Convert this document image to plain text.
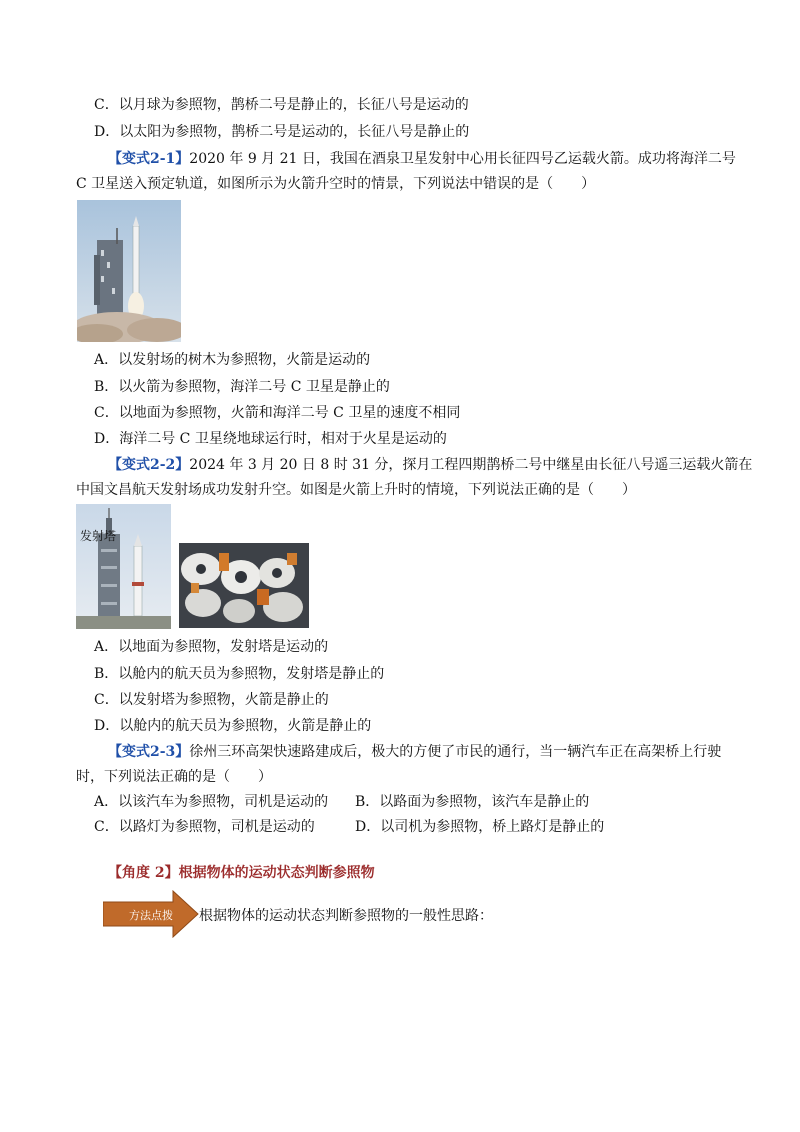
C．以月球为参照物，鹊桥二号是静止的，长征八号是运动的
D．以太阳为参照物，鹊桥二号是运动的，长征八号是静止的
【变式2-1】2020 年 9 月 21 日，我国在酒泉卫星发射中心用长征四号乙运载火箭。成功将海洋二号
C 卫星送入预定轨道，如图所示为火箭升空时的情景，下列说法中错误的是（　　）
A．以发射场的树木为参照物，火箭是运动的
B．以火箭为参照物，海洋二号 C 卫星是静止的
C．以地面为参照物，火箭和海洋二号 C 卫星的速度不相同
D．海洋二号 C 卫星绕地球运行时，相对于火星是运动的
【变式2-2】2024 年 3 月 20 日 8 时 31 分，探月工程四期鹊桥二号中继星由长征八号遥三运载火箭在
中国文昌航天发射场成功发射升空。如图是火箭上升时的情境，下列说法正确的是（　　）
发射塔
A．以地面为参照物，发射塔是运动的
B．以舱内的航天员为参照物，发射塔是静止的
C．以发射塔为参照物，火箭是静止的
D．以舱内的航天员为参照物，火箭是静止的
【变式2-3】徐州三环高架快速路建成后，极大的方便了市民的通行，当一辆汽车正在高架桥上行驶
时，下列说法正确的是（　　）
A．以该汽车为参照物，司机是运动的 B．以路面为参照物，该汽车是静止的
C．以路灯为参照物，司机是运动的	D．以司机为参照物，桥上路灯是静止的
【角度 2】根据物体的运动状态判断参照物
方法点拨 根据物体的运动状态判断参照物的一般性思路：
